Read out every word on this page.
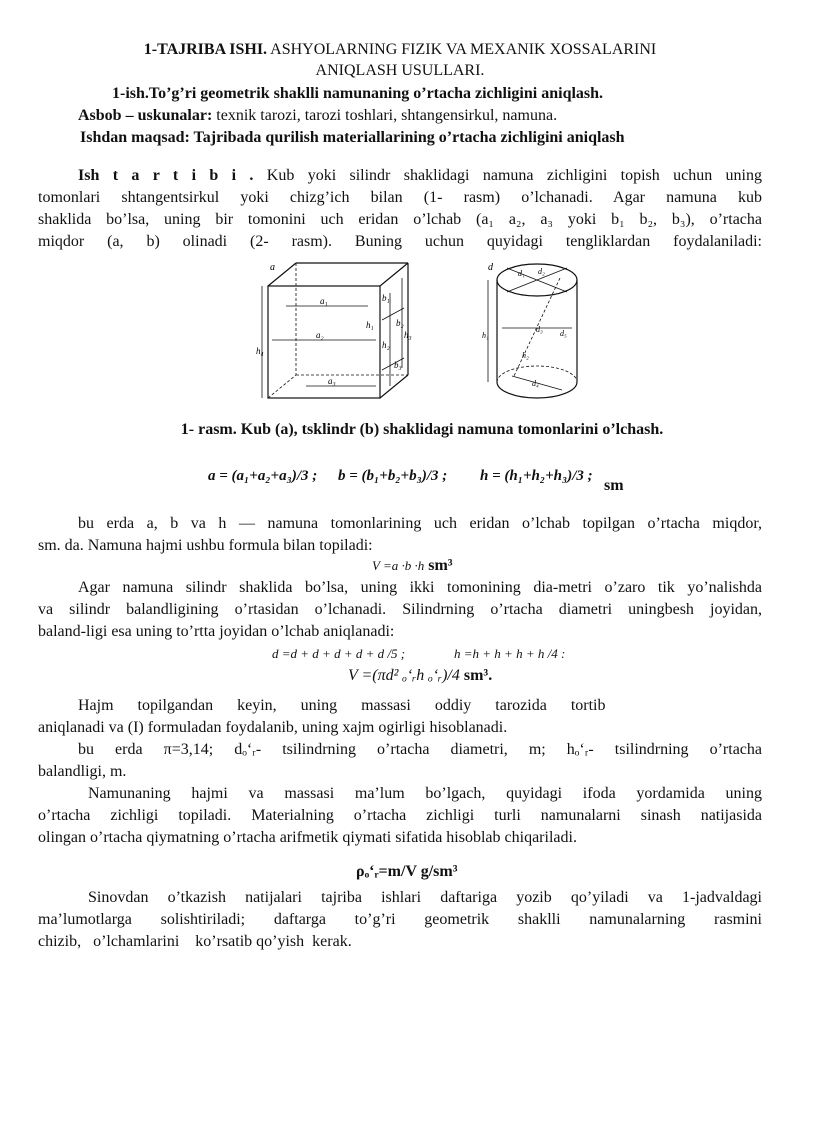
1-TAJRIBA ISHI. ASHYOLARNING FIZIK VA MEXANIK XOSSALARINI
ANIQLASH USULLARI.
1-ish.To’g’ri geometrik shaklli namunaning o’rtacha zichligini aniqlash.
Asbob – uskunalar: texnik tarozi, tarozi toshlari, shtangensirkul, namuna.
Ishdan maqsad: Tajribada qurilish materiallarining o’rtacha zichligini aniqlash
Ish t a r t i b i . Kub yoki silindr shaklidagi namuna zichligini topish uchun uning
tomonlari shtangentsirkul yoki chizg’ich bilan (1- rasm) o’lchanadi. Agar namuna kub
shaklida bo’lsa, uning bir tomonini uch eridan o’lchab (a₁ a₂, a₃ yoki b₁ b₂, b₃), o’rtacha
miqdor (a, b) olinadi (2- rasm). Buning uchun quyidagi tengliklardan foydalaniladi:
a
a₁
a₂
a₃
b₁
b₂
b₃
h₁
h₂
h₃
h₄
d
d₁ d₂
d₃
d₄
d₅
h₁
h₂
1- rasm. Kub (a), tsklindr (b) shaklidagi namuna tomonlarini o’lchash.
a = (a₁+a₂+a₃)/3 ; b = (b₁+b₂+b₃)/3 ; h = (h₁+h₂+h₃)/3 ;
sm
bu erda a, b va h — namuna tomonlarining uch eridan o’lchab topilgan o’rtacha miqdor,
sm. da. Namuna hajmi ushbu formula bilan topiladi:
V =a ·b ·h sm³
Agar namuna silindr shaklida bo’lsa, uning ikki tomonining dia-metri o’zaro tik yo’nalishda
va silindr balandligining o’rtasidan o’lchanadi. Silindrning o’rtacha diametri uningbesh joyidan,
baland-ligi esa uning to’rtta joyidan o’lchab aniqlanadi:
d =d + d + d + d + d /5 ;	h =h + h + h + h /4 :
V =(πd² ₒ‘ᵣh ₒ‘ᵣ)/4 sm³.
Hajm      topilgandan      keyin,      uning      massasi      oddiy      tarozida      tortib
aniqlanadi va (I) formuladan foydalanib, uning xajm ogirligi hisoblanadi.
bu erda π=3,14; dₒ‘ᵣ- tsilindrning o’rtacha diametri, m; hₒ‘ᵣ- tsilindrning o’rtacha
balandligi, m.
Namunaning hajmi va massasi ma’lum bo’lgach, quyidagi ifoda yordamida uning
o’rtacha zichligi topiladi. Materialning o’rtacha zichligi turli namunalarni sinash natijasida
olingan o’rtacha qiymatning o’rtacha arifmetik qiymati sifatida hisoblab chiqariladi.
ρₒ‘ᵣ=m/V g/sm³
Sinovdan o’tkazish natijalari tajriba ishlari daftariga yozib qo’yiladi va 1-jadvaldagi
ma’lumotlarga solishtiriladi; daftarga to’g’ri geometrik shaklli namunalarning rasmini
chizib,   o’lchamlarini    ko’rsatib qo’yish  kerak.
